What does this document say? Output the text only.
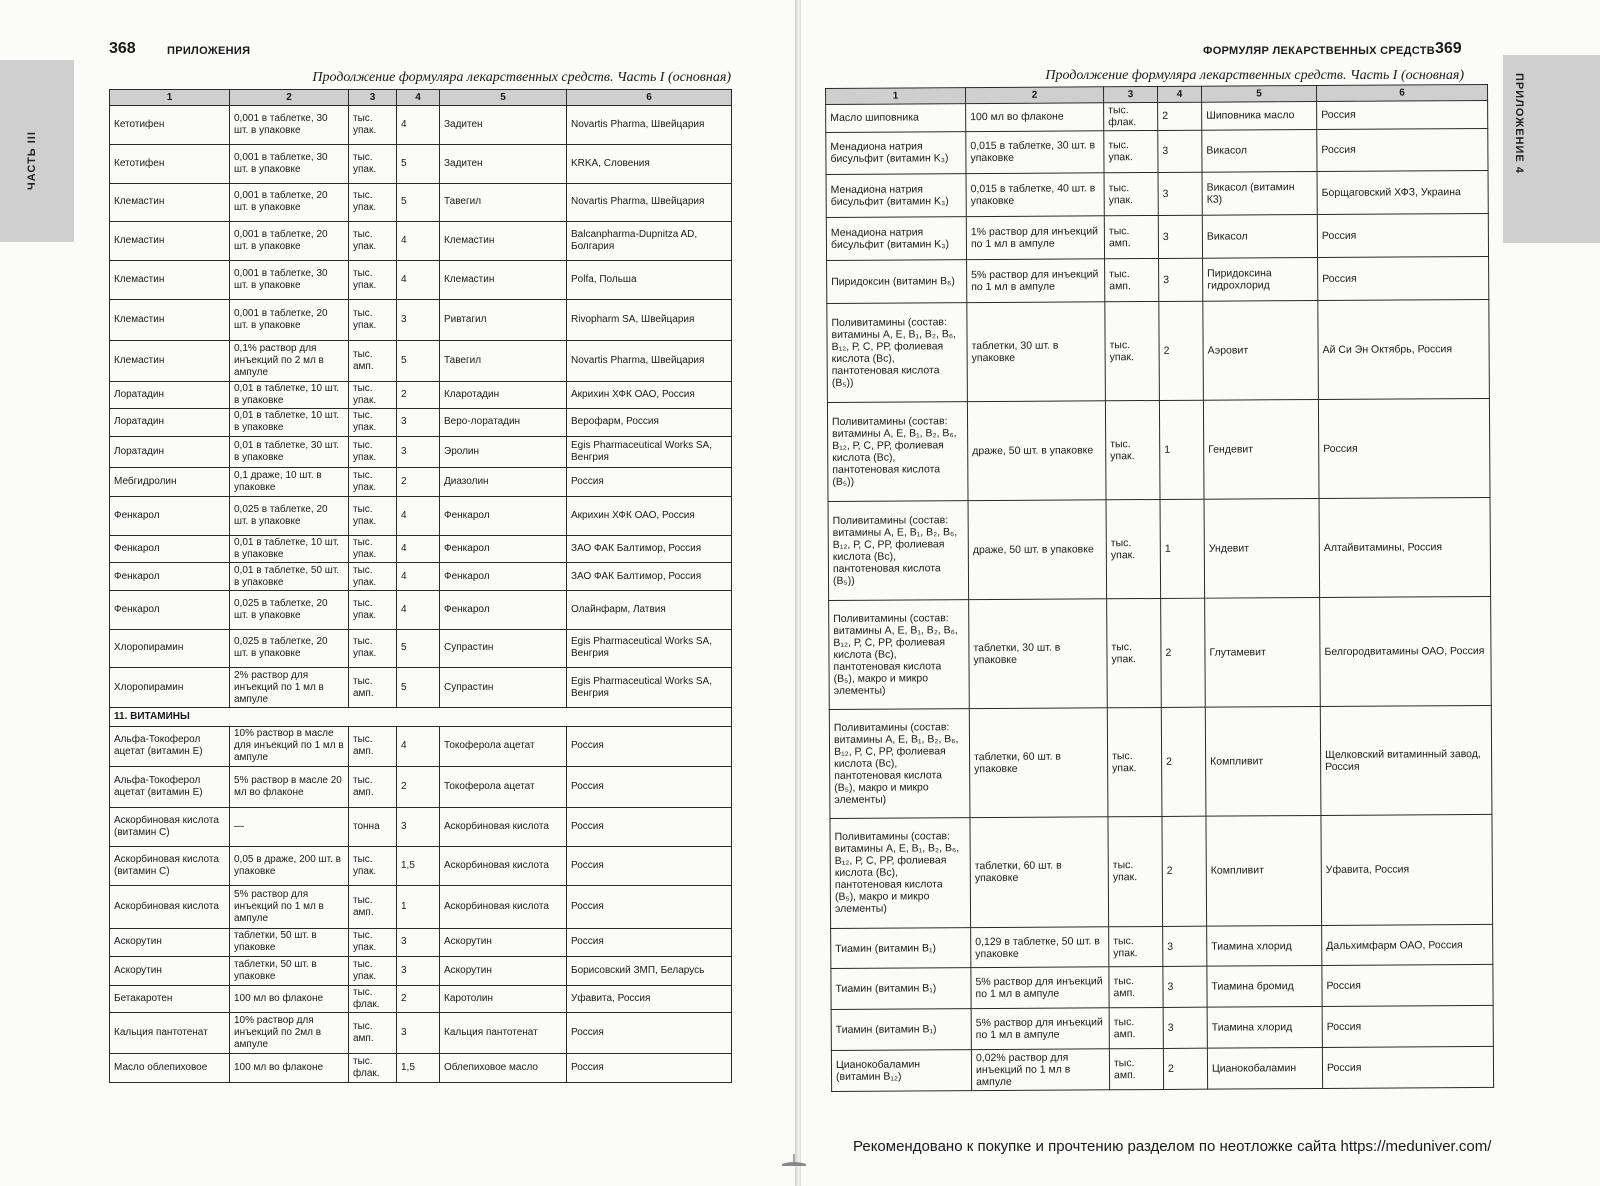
ЧАСТЬ III
368	ПРИЛОЖЕНИЯ
Продолжение формуляра лекарственных средств. Часть I (основная)
1	2	3	4	5	6
Кетотифен	0,001 в таблетке, 30 шт. в упаковке	тыс. упак.	4	Задитен	Novartis Pharma, Швейцария
Кетотифен	0,001 в таблетке, 30 шт. в упаковке	тыс. упак.	5	Задитен	KRKA, Словения
Клемастин	0,001 в таблетке, 20 шт. в упаковке	тыс. упак.	5	Тавегил	Novartis Pharma, Швейцария
Клемастин	0,001 в таблетке, 20 шт. в упаковке	тыс. упак.	4	Клемастин	Balcanpharma-Dupnitza AD, Болгария
Клемастин	0,001 в таблетке, 30 шт. в упаковке	тыс. упак.	4	Клемастин	Polfa, Польша
Клемастин	0,001 в таблетке, 20 шт. в упаковке	тыс. упак.	3	Ривтагил	Rivopharm SA, Швейцария
Клемастин	0,1% раствор для инъекций по 2 мл в ампуле	тыс. амп.	5	Тавегил	Novartis Pharma, Швейцария
Лоратадин	0,01 в таблетке, 10 шт. в упаковке	тыс. упак.	2	Кларотадин	Акрихин ХФК ОАО, Россия
Лоратадин	0,01 в таблетке, 10 шт. в упаковке	тыс. упак.	3	Веро-лоратадин	Верофарм, Россия
Лоратадин	0,01 в таблетке, 30 шт. в упаковке	тыс. упак.	3	Эролин	Egis Pharmaceutical Works SA, Венгрия
Мебгидролин	0,1 драже, 10 шт. в упаковке	тыс. упак.	2	Диазолин	Россия
Фенкарол	0,025 в таблетке, 20 шт. в упаковке	тыс. упак.	4	Фенкарол	Акрихин ХФК ОАО, Россия
Фенкарол	0,01 в таблетке, 10 шт. в упаковке	тыс. упак.	4	Фенкарол	ЗАО ФАК Балтимор, Россия
Фенкарол	0,01 в таблетке, 50 шт. в упаковке	тыс. упак.	4	Фенкарол	ЗАО ФАК Балтимор, Россия
Фенкарол	0,025 в таблетке, 20 шт. в упаковке	тыс. упак.	4	Фенкарол	Олайнфарм, Латвия
Хлоропирамин	0,025 в таблетке, 20 шт. в упаковке	тыс. упак.	5	Супрастин	Egis Pharmaceutical Works SA, Венгрия
Хлоропирамин	2% раствор для инъекций по 1 мл в ампуле	тыс. амп.	5	Супрастин	Egis Pharmaceutical Works SA, Венгрия
11. ВИТАМИНЫ					
Альфа-Токоферол ацетат (витамин Е)	10% раствор в масле для инъекций по 1 мл в ампуле	тыс. амп.	4	Токоферола ацетат	Россия
Альфа-Токоферол ацетат (витамин Е)	5% раствор в масле 20 мл во флаконе	тыс. амп.	2	Токоферола ацетат	Россия
Аскорбиновая кислота (витамин С)	—	тонна	3	Аскорбиновая кислота	Россия
Аскорбиновая кислота (витамин С)	0,05 в драже, 200 шт. в упаковке	тыс. упак.	1,5	Аскорбиновая кислота	Россия
Аскорбиновая кислота	5% раствор для инъекций по 1 мл в ампуле	тыс. амп.	1	Аскорбиновая кислота	Россия
Аскорутин	таблетки, 50 шт. в упаковке	тыс. упак.	3	Аскорутин	Россия
Аскорутин	таблетки, 50 шт. в упаковке	тыс. упак.	3	Аскорутин	Борисовский ЗМП, Беларусь
Бетакаротен	100 мл во флаконе	тыс. флак.	2	Каротолин	Уфавита, Россия
Кальция пантотенат	10% раствор для инъекций по 2мл в ампуле	тыс. амп.	3	Кальция пантотенат	Россия
Масло облепиховое	100 мл во флаконе	тыс. флак.	1,5	Облепиховое масло	Россия
369
ФОРМУЛЯР ЛЕКАРСТВЕННЫХ СРЕДСТВ
ПРИЛОЖЕНИЕ 4
Продолжение формуляра лекарственных средств. Часть I (основная)
1	2	3	4	5	6
Масло шиповника	100 мл во флаконе	тыс. флак.	2	Шиповника масло	Россия
Менадиона натрия бисульфит (витамин K₃)	0,015 в таблетке, 30 шт. в упаковке	тыс. упак.	3	Викасол	Россия
Менадиона натрия бисульфит (витамин K₃)	0,015 в таблетке, 40 шт. в упаковке	тыс. упак.	3	Викасол (витамин К3)	Борщаговский ХФЗ, Украина
Менадиона натрия бисульфит (витамин K₃)	1% раствор для инъекций по 1 мл в ампуле	тыс. амп.	3	Викасол	Россия
Пиридоксин (витамин B₆)	5% раствор для инъекций по 1 мл в ампуле	тыс. амп.	3	Пиридоксина гидрохлорид	Россия
Поливитамины (состав: витамины А, Е, B₁, B₂, B₆, B₁₂, Р, С, РР, фолиевая кислота (Вс), пантотеновая кислота (B₅))	таблетки, 30 шт. в упаковке	тыс. упак.	2	Аэровит	Ай Си Эн Октябрь, Россия
Поливитамины (состав: витамины А, Е, B₁, B₂, B₆, B₁₂, Р, С, РР, фолиевая кислота (Bc), пантотеновая кислота (B₅))	драже, 50 шт. в упаковке	тыс. упак.	1	Гендевит	Россия
Поливитамины (состав: витамины А, Е, B₁, B₂, B₆, B₁₂, Р, С, РР, фолиевая кислота (Bc), пантотеновая кислота (B₅))	драже, 50 шт. в упаковке	тыс. упак.	1	Ундевит	Алтайвитамины, Россия
Поливитамины (состав: витамины А, Е, B₁, B₂, B₆, B₁₂, Р, С, РР, фолиевая кислота (Bc), пантотеновая кислота (B₅), макро и микро элементы)	таблетки, 30 шт. в упаковке	тыс. упак.	2	Глутамевит	Белгородвитамины ОАО, Россия
Поливитамины (состав: витамины А, Е, B₁, B₂, B₆, B₁₂, Р, С, РР, фолиевая кислота (Bc), пантотеновая кислота (B₅), макро и микро элементы)	таблетки, 60 шт. в упаковке	тыс. упак.	2	Компливит	Щелковский витаминный завод, Россия
Поливитамины (состав: витамины А, Е, B₁, B₂, B₆, B₁₂, Р, С, РР, фолиевая кислота (Bc), пантотеновая кислота (B₅), макро и микро элементы)	таблетки, 60 шт. в упаковке	тыс. упак.	2	Компливит	Уфавита, Россия
Тиамин (витамин B₁)	0,129 в таблетке, 50 шт. в упаковке	тыс. упак.	3	Тиамина хлорид	Дальхимфарм ОАО, Россия
Тиамин (витамин B₁)	5% раствор для инъекций по 1 мл в ампуле	тыс. амп.	3	Тиамина бромид	Россия
Тиамин (витамин B₁)	5% раствор для инъекций по 1 мл в ампуле	тыс. амп.	3	Тиамина хлорид	Россия
Цианокобаламин (витамин B₁₂)	0,02% раствор для инъекций по 1 мл в ампуле	тыс. амп.	2	Цианокобаламин	Россия
Рекомендовано к покупке и прочтению разделом по неотложке сайта https://meduniver.com/
